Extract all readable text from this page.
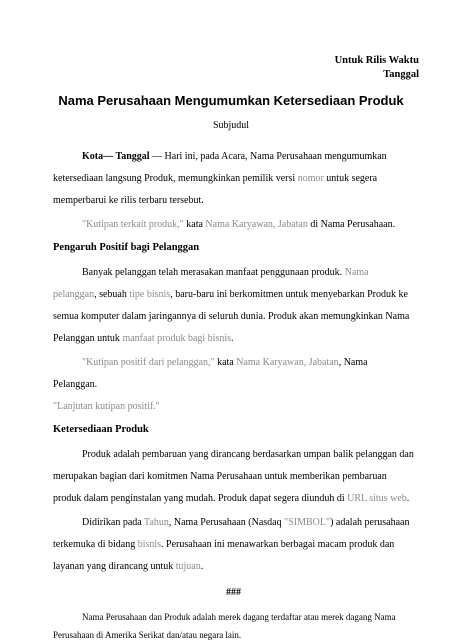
Untuk Rilis Waktu
Tanggal
Nama Perusahaan Mengumumkan Ketersediaan Produk
Subjudul

Kota— Tanggal — Hari ini, pada Acara, Nama Perusahaan mengumumkan ketersediaan langsung Produk, memungkinkan pemilik versi nomor untuk segera memperbarui ke rilis terbaru tersebut.

"Kutipan terkait produk," kata Nama Karyawan, Jabatan di Nama Perusahaan.

Pengaruh Positif bagi Pelanggan

Banyak pelanggan telah merasakan manfaat penggunaan produk. Nama pelanggan, sebuah tipe bisnis, baru-baru ini berkomitmen untuk menyebarkan Produk ke semua komputer dalam jaringannya di seluruh dunia. Produk akan memungkinkan Nama Pelanggan untuk manfaat produk bagi bisnis.

"Kutipan positif dari pelanggan," kata Nama Karyawan, Jabatan, Nama Pelanggan.
"Lanjutan kutipan positif."

Ketersediaan Produk

Produk adalah pembaruan yang dirancang berdasarkan umpan balik pelanggan dan merupakan bagian dari komitmen Nama Perusahaan untuk memberikan pembaruan produk dalam penginstalan yang mudah. Produk dapat segera diunduh di URL situs web.

Didirikan pada Tahun, Nama Perusahaan (Nasdaq "SIMBOL") adalah perusahaan terkemuka di bidang bisnis. Perusahaan ini menawarkan berbagai macam produk dan layanan yang dirancang untuk tujuan.

###

Nama Perusahaan dan Produk adalah merek dagang terdaftar atau merek dagang Nama Perusahaan di Amerika Serikat dan/atau negara lain.
